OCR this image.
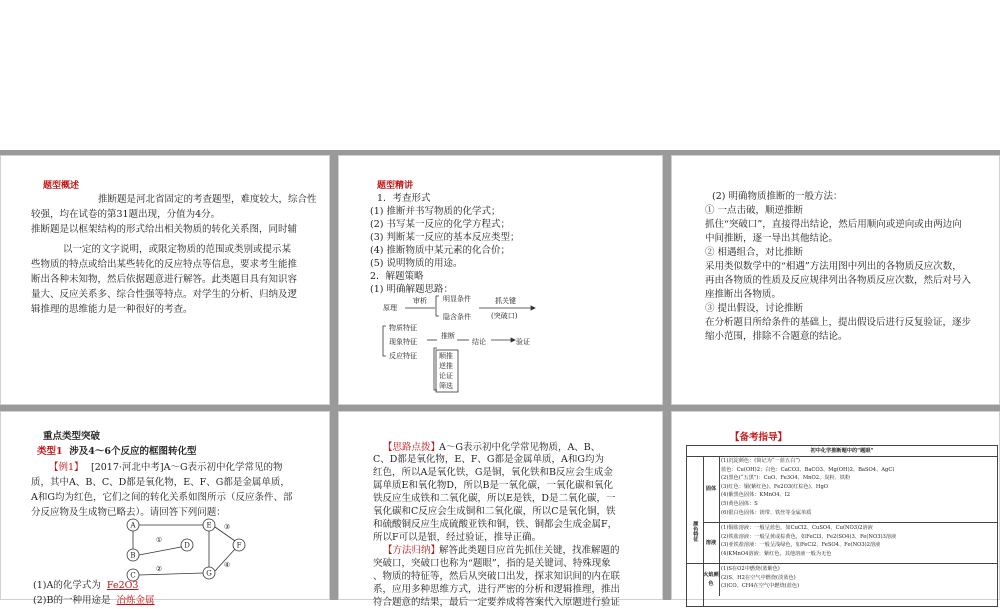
题型概述
推断题是河北省固定的考查题型，难度较大，综合性
较强，均在试卷的第31题出现，分值为4分。
推断题是以框架结构的形式给出相关物质的转化关系图，同时辅
以一定的文字说明，或限定物质的范围或类别或提示某
些物质的特点或给出某些转化的反应特点等信息，要求考生能推
断出各种未知物，然后依据题意进行解答。此类题目具有知识容
量大、反应关系多、综合性强等特点。对学生的分析、归纳及逻
辑推理的思维能力是一种很好的考查。
题型精讲
1．考查形式
(1) 推断并书写物质的化学式；
(2) 书写某一反应的化学方程式；
(3) 判断某一反应的基本反应类型；
(4) 推断物质中某元素的化合价；
(5) 说明物质的用途。
2．解题策略
(1) 明确解题思路：
原理
审析 明显条件
隐含条件
抓关键
(突破口)
物质特征
现象特征
反应特征
推断
顺推
逆推
论证
筛选
结论	验证
(2) 明确物质推断的一般方法：
① 一点击破，顺逆推断
抓住“突破口”，直接得出结论，然后用顺向或逆向或由两边向
中间推断，逐一导出其他结论。
② 相遇组合，对比推断
采用类似数学中的“相遇”方法用图中列出的各物质反应次数，
再由各物质的性质及反应规律列出各物质反应次数，然后对号入
座推断出各物质。
③ 提出假设，讨论推断
在分析题目所给条件的基础上，提出假设后进行反复验证，逐步
缩小范围，排除不合题意的结论。
重点类型突破
类型1 涉及4～6个反应的框图转化型
【例1】 [2017·河北中考]A～G表示初中化学常见的物
质，其中A、B、C、D都是氧化物，E、F、G都是金属单质，
A和G均为红色，它们之间的转化关系如图所示（反应条件、部
分反应物及生成物已略去）。请回答下列问题：
A
B
C
D
E
F
G
①
②
③
④
(1)A的化学式为 Fe2O3
(2)B的一种用途是 冶炼金属
【思路点拨】
A～G表示初中化学常见物质，A、B、
C、D都是氧化物，E、F、G都是金属单质，A和G均为
红色，所以A是氧化铁，G是铜，氧化铁和B反应会生成金
属单质E和氧化物D，所以B是一氧化碳，一氧化碳和氧化
铁反应生成铁和二氧化碳，所以E是铁，D是二氧化碳，一
氧化碳和C反应会生成铜和二氧化碳，所以C是氧化铜，铁
和硫酸铜反应生成硫酸亚铁和铜，铁、铜都会生成金属F，
所以F可以是银，经过验证，推导正确。
【方法归纳】
解答此类题目应首先抓住关键，找准解题的
突破口，突破口也称为“题眼”，指的是关键词、特殊现象
、物质的特征等，然后从突破口出发，探求知识间的内在联
系，应用多种思维方式，进行严密的分析和逻辑推理，推出
符合题意的结果，最后一定要养成将答案代入原题进行验证
【备考指导】
初中化学推断题中的“题眼”
颜色特征
固体
(1)沉淀颜色：(简记为“一蓝五白”)
蓝色：Cu(OH)2；白色：CaCO3、BaCO3、Mg(OH)2、BaSO4、AgCl
(2)黑色(“五黑”)：CuO、Fe3O4、MnO2、炭粉、铁粉
(3)红色：铜(紫红色)、Fe2O3(红棕色)、HgO
(4)紫黑色固体：KMnO4、I2
(5)黄色固体：S
(6)银白色固体：镁带、铁丝等金属单质
溶液
(1)铜盐溶液：一般呈蓝色，如CuCl2、CuSO4、Cu(NO3)2溶液
(2)铁盐溶液：一般呈黄或棕黄色，如FeCl3、Fe2(SO4)3、Fe(NO3)3溶液
(3)亚铁盐溶液：一般呈浅绿色，如FeCl2、FeSO4、Fe(NO3)2溶液
(4)KMnO4溶液：紫红色，其他溶液一般为无色
火焰颜色
(1)S在O2中燃烧(蓝紫色)
(2)S、H2在空气中燃烧(淡蓝色)
(3)CO、CH4在空气中燃烧(蓝色)
